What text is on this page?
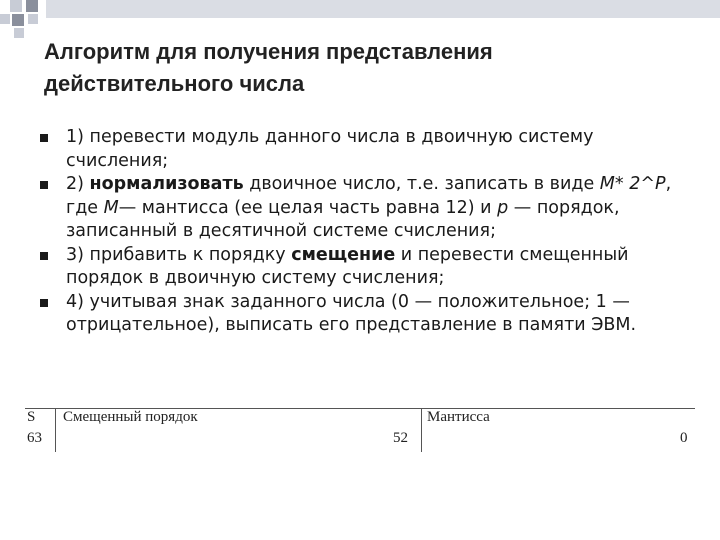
Алгоритм для получения представления
действительного числа
1) перевести модуль данного числа в двоичную систему счисления;
2) нормализовать двоичное число, т.е. записать в виде М* 2^Р, где М— мантисса (ее целая часть равна 12) и р — порядок, записанный в десятичной системе счисления;
3) прибавить к порядку смещение и перевести смещенный порядок в двоичную систему счисления;
4) учитывая знак заданного числа (0 — положительное; 1 — отрицательное), выписать его представление в памяти ЭВМ.
S
63
Смещенный порядок
52
Мантисса
0
